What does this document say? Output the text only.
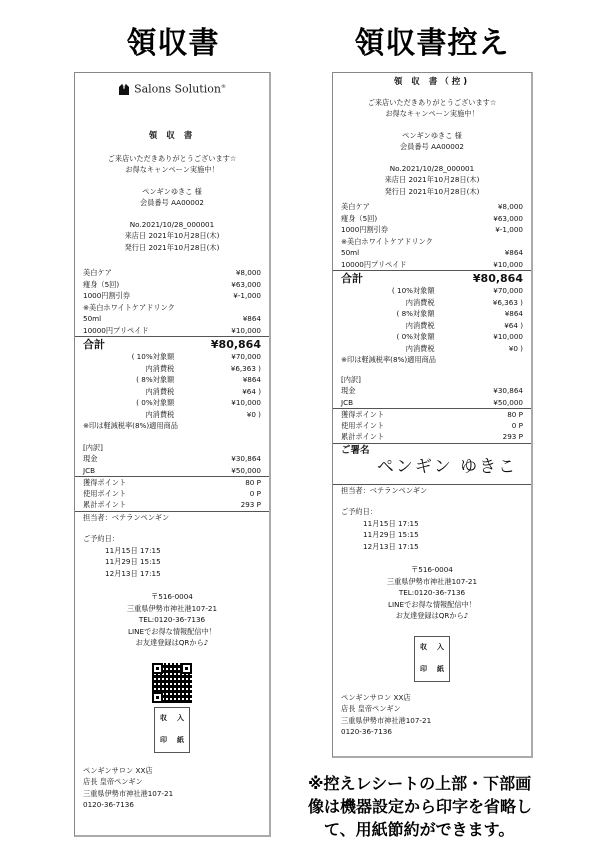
領収書	領収書控え
Salons Solution®
領 収 書
ご来店いただきありがとうございます☆
お得なキャンペーン実施中！
ペンギンゆきこ 様
会員番号 AA00002
No.2021/10/28_000001
来店日 2021年10月28日(木)
発行日 2021年10月28日(木)
美白ケア	¥8,000
痩身（5回)	¥63,000
1000円割引券	¥-1,000
※美白ホワイトケアドリンク
50ml	¥864
10000円プリペイド	¥10,000
合計	¥80,864
( 10%対象額	¥70,000
内消費税	¥6,363 )
( 8%対象額	¥864
内消費税	¥64 )
( 0%対象額	¥10,000
内消費税	¥0 )
※印は軽減税率(8%)適用商品
[内訳]
現金	¥30,864
JCB	¥50,000
獲得ポイント	80 P
使用ポイント	0 P
累計ポイント	293 P
担当者：ベテランペンギン
ご予約日：
11月15日 17:15
11月29日 15:15
12月13日 17:15
〒516-0004
三重県伊勢市神社港107-21
TEL:0120-36-7136
LINEでお得な情報配信中！
お友達登録はQRから♪
収	入
印	紙
ペンギンサロン XX店
店長 皇帝ペンギン
三重県伊勢市神社港107-21
0120-36-7136
領 収 書（控)
ご来店いただきありがとうございます☆
お得なキャンペーン実施中！
ペンギンゆきこ 様
会員番号 AA00002
No.2021/10/28_000001
来店日 2021年10月28日(木)
発行日 2021年10月28日(木)
美白ケア	¥8,000
痩身（5回)	¥63,000
1000円割引券	¥-1,000
※美白ホワイトケアドリンク
50ml	¥864
10000円プリペイド	¥10,000
合計	¥80,864
( 10%対象額	¥70,000
内消費税	¥6,363 )
( 8%対象額	¥864
内消費税	¥64 )
( 0%対象額	¥10,000
内消費税	¥0 )
※印は軽減税率(8%)適用商品
[内訳]
現金	¥30,864
JCB	¥50,000
獲得ポイント	80 P
使用ポイント	0 P
累計ポイント	293 P
ご署名
ペンギン ゆきこ
担当者：ベテランペンギン
ご予約日：
11月15日 17:15
11月29日 15:15
12月13日 17:15
〒516-0004
三重県伊勢市神社港107-21
TEL:0120-36-7136
LINEでお得な情報配信中！
お友達登録はQRから♪
収	入
印	紙
ペンギンサロン XX店
店長 皇帝ペンギン
三重県伊勢市神社港107-21
0120-36-7136
※控えレシートの上部・下部画
像は機器設定から印字を省略し
　て、用紙節約ができます。
